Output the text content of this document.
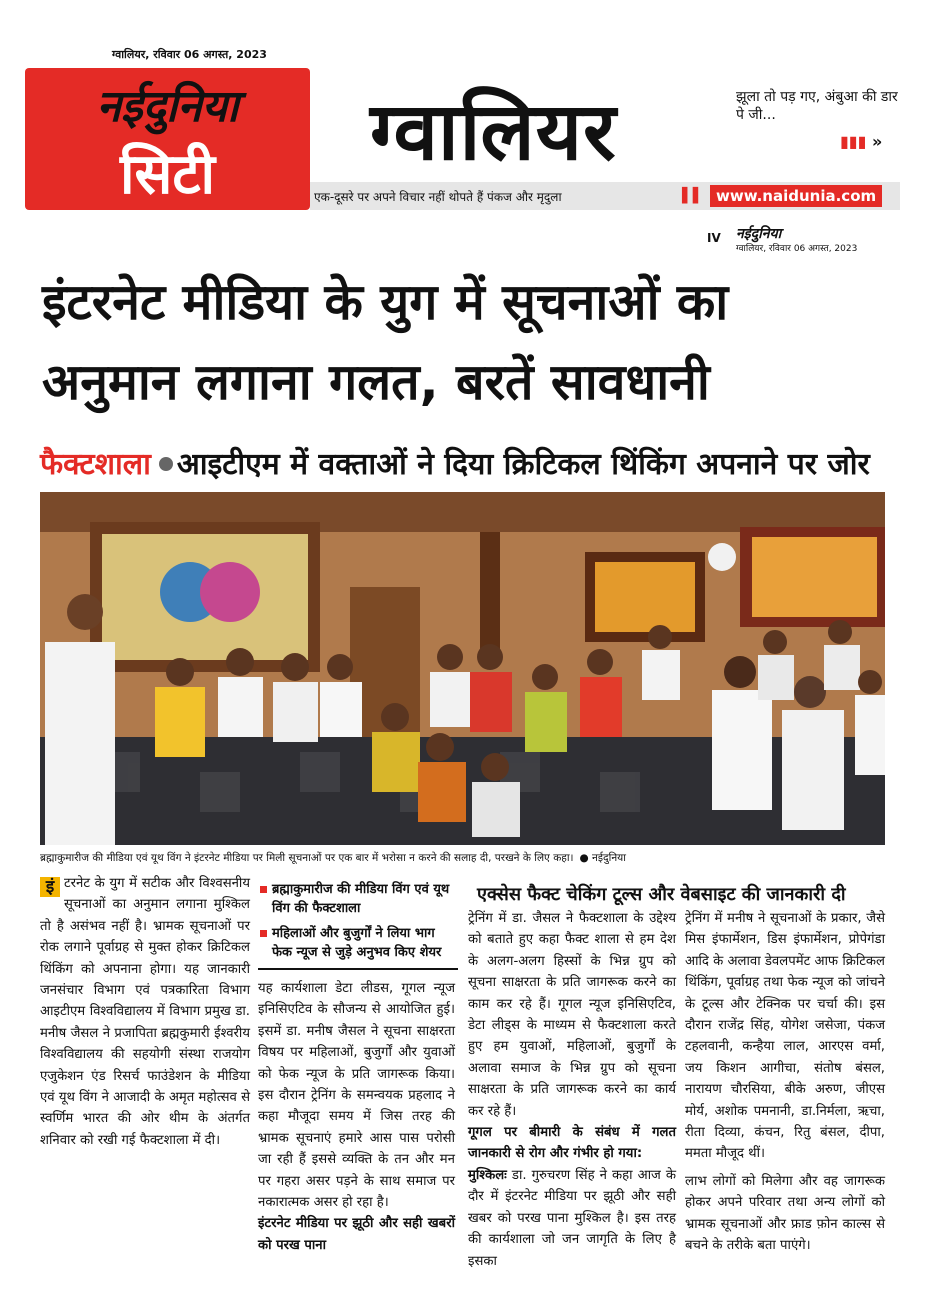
ग्वालियर, रविवार 06 अगस्त, 2023
नईदुनिया
सिटी	ग्वालियर	झूला तो पड़ गए, अंबुआ की डार पे जी...
▮▮▮ »
एक-दूसरे पर अपने विचार नहीं थोपते हैं पंकज और मृदुला	▌▌ www.naidunia.com
IV नईदुनिया
ग्वालियर, रविवार 06 अगस्त, 2023
इंटरनेट मीडिया के युग में सूचनाओं का
अनुमान लगाना गलत, बरतें सावधानी
फैक्टशाला आइटीएम में वक्ताओं ने दिया क्रिटिकल थिंकिंग अपनाने पर जोर
ब्रह्माकुमारीज की मीडिया एवं यूथ विंग ने इंटरनेट मीडिया पर मिली सूचनाओं पर एक बार में भरोसा न करने की सलाह दी, परखने के लिए कहा। ● नईदुनिया
इं टरनेट के युग में सटीक और विश्वसनीय सूचनाओं का अनुमान लगाना मुश्किल तो है असंभव नहीं है। भ्रामक सूचनाओं पर रोक लगाने पूर्वाग्रह से मुक्त होकर क्रिटिकल थिंकिंग को अपनाना होगा। यह जानकारी जनसंचार विभाग एवं पत्रकारिता विभाग आइटीएम विश्वविद्यालय में विभाग प्रमुख डा. मनीष जैसल ने प्रजापिता ब्रह्मकुमारी ईश्वरीय विश्वविद्यालय की सहयोगी संस्था राजयोग एजुकेशन एंड रिसर्च फाउंडेशन के मीडिया एवं यूथ विंग ने आजादी के अमृत महोत्सव से स्वर्णिम भारत की ओर थीम के अंतर्गत शनिवार को रखी गई फैक्टशाला में दी।
ब्रह्माकुमारीज की मीडिया विंग एवं यूथ विंग की फैक्टशाला
महिलाओं और बुजुर्गों ने लिया भाग फेक न्यूज से जुड़े अनुभव किए शेयर

यह कार्यशाला डेटा लीडस, गूगल न्यूज इनिसिएटिव के सौजन्य से आयोजित हुई। इसमें डा. मनीष जैसल ने सूचना साक्षरता विषय पर महिलाओं, बुजुर्गों और युवाओं को फेक न्यूज के प्रति जागरूक किया। इस दौरान ट्रेनिंग के समन्वयक प्रहलाद ने कहा मौजूदा समय में जिस तरह की भ्रामक सूचनाएं हमारे आस पास परोसी जा रही हैं इससे व्यक्ति के तन और मन पर गहरा असर पड़ने के साथ समाज पर नकारात्मक असर हो रहा है।

इंटरनेट मीडिया पर झूठी और सही खबरों को परख पाना

एक्सेस फैक्ट चेकिंग टूल्स और वेबसाइट की जानकारी दी

ट्रेनिंग में डा. जैसल ने फैक्टशाला के उद्देश्य को बताते हुए कहा फैक्ट शाला से हम देश के अलग-अलग हिस्सों के भिन्न ग्रुप को सूचना साक्षरता के प्रति जागरूक करने का काम कर रहे हैं। गूगल न्यूज इनिसिएटिव, डेटा लीड्स के माध्यम से फैक्टशाला करते हुए हम युवाओं, महिलाओं, बुजुर्गों के अलावा समाज के भिन्न ग्रुप को सूचना साक्षरता के प्रति जागरूक करने का कार्य कर रहे हैं।

गूगल पर बीमारी के संबंध में गलत जानकारी से रोग और गंभीर हो गया:

मुश्किलः डा. गुरुचरण सिंह ने कहा आज के दौर में इंटरनेट मीडिया पर झूठी और सही खबर को परख पाना मुश्किल है। इस तरह की कार्यशाला जो जन जागृति के लिए है इसका

ट्रेनिंग में मनीष ने सूचनाओं के प्रकार, जैसे मिस इंफार्मेशन, डिस इंफार्मेशन, प्रोपेगंडा आदि के अलावा डेवलपमेंट आफ क्रिटिकल थिंकिंग, पूर्वाग्रह तथा फेक न्यूज को जांचने के टूल्स और टेक्निक पर चर्चा की। इस दौरान राजेंद्र सिंह, योगेश जसेजा, पंकज टहलवानी, कन्हैया लाल, आरएस वर्मा, जय किशन आगीचा, संतोष बंसल, नारायण चौरसिया, बीके अरुण, जीएस मोर्य, अशोक पमनानी, डा.निर्मला, ऋचा, रीता दिव्या, कंचन, रितु बंसल, दीपा, ममता मौजूद थीं।

लाभ लोगों को मिलेगा और वह जागरूक होकर अपने परिवार तथा अन्य लोगों को भ्रामक सूचनाओं और फ्राड फ़ोन काल्स से बचने के तरीके बता पाएंगे।
